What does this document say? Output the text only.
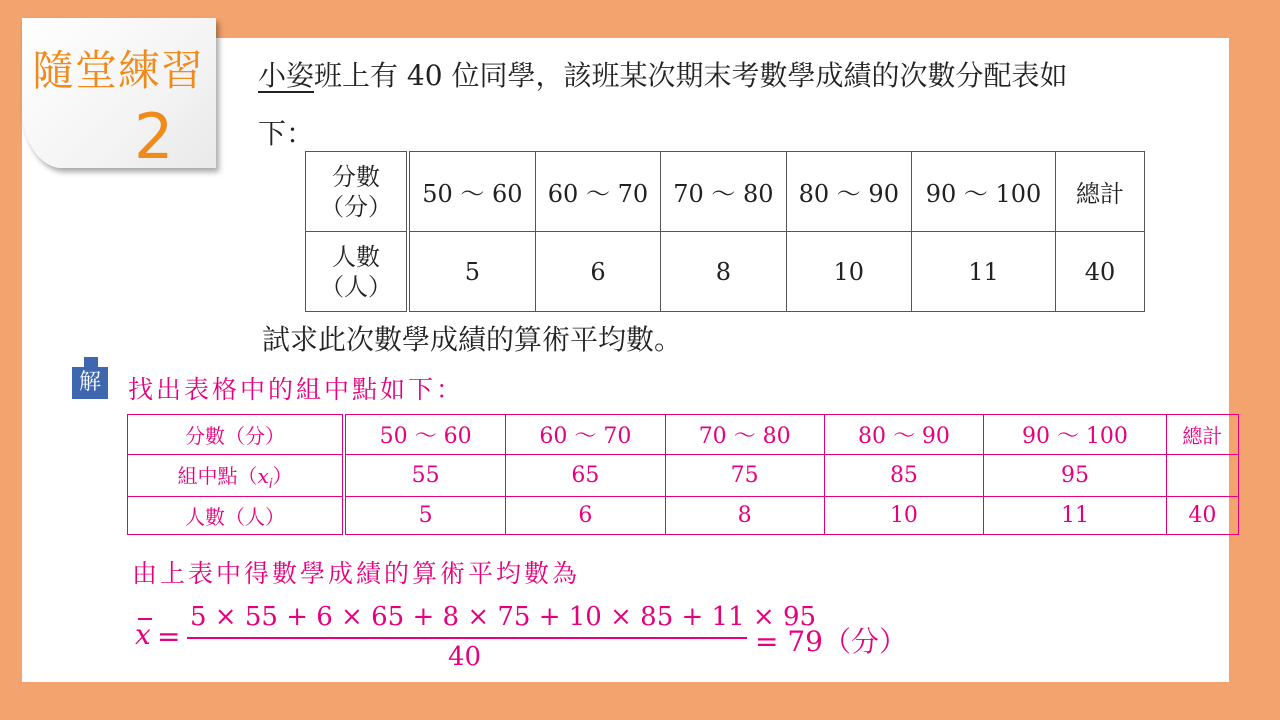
隨堂練習
2
小姿班上有 40 位同學，該班某次期末考數學成績的次數分配表如
下：
分數
（分）	50 ～ 60	60 ～ 70	70 ～ 80	80 ～ 90	90 ～ 100	總計

人數
（人）	5	6	8	10	11	40
試求此次數學成績的算術平均數。
解 找出表格中的組中點如下：
分數（分）	50 ～ 60	60 ～ 70	70 ～ 80	80 ～ 90	90 ～ 100	總計
組中點$(x_i)$	55	65	75	85	95	
人數（人）	5	6	8	10	11	40
由上表中得數學成績的算術平均數為
x =
5 × 55 + 6 × 65 + 8 × 75 + 10 × 85 + 11 × 95
40	= 79（分）
